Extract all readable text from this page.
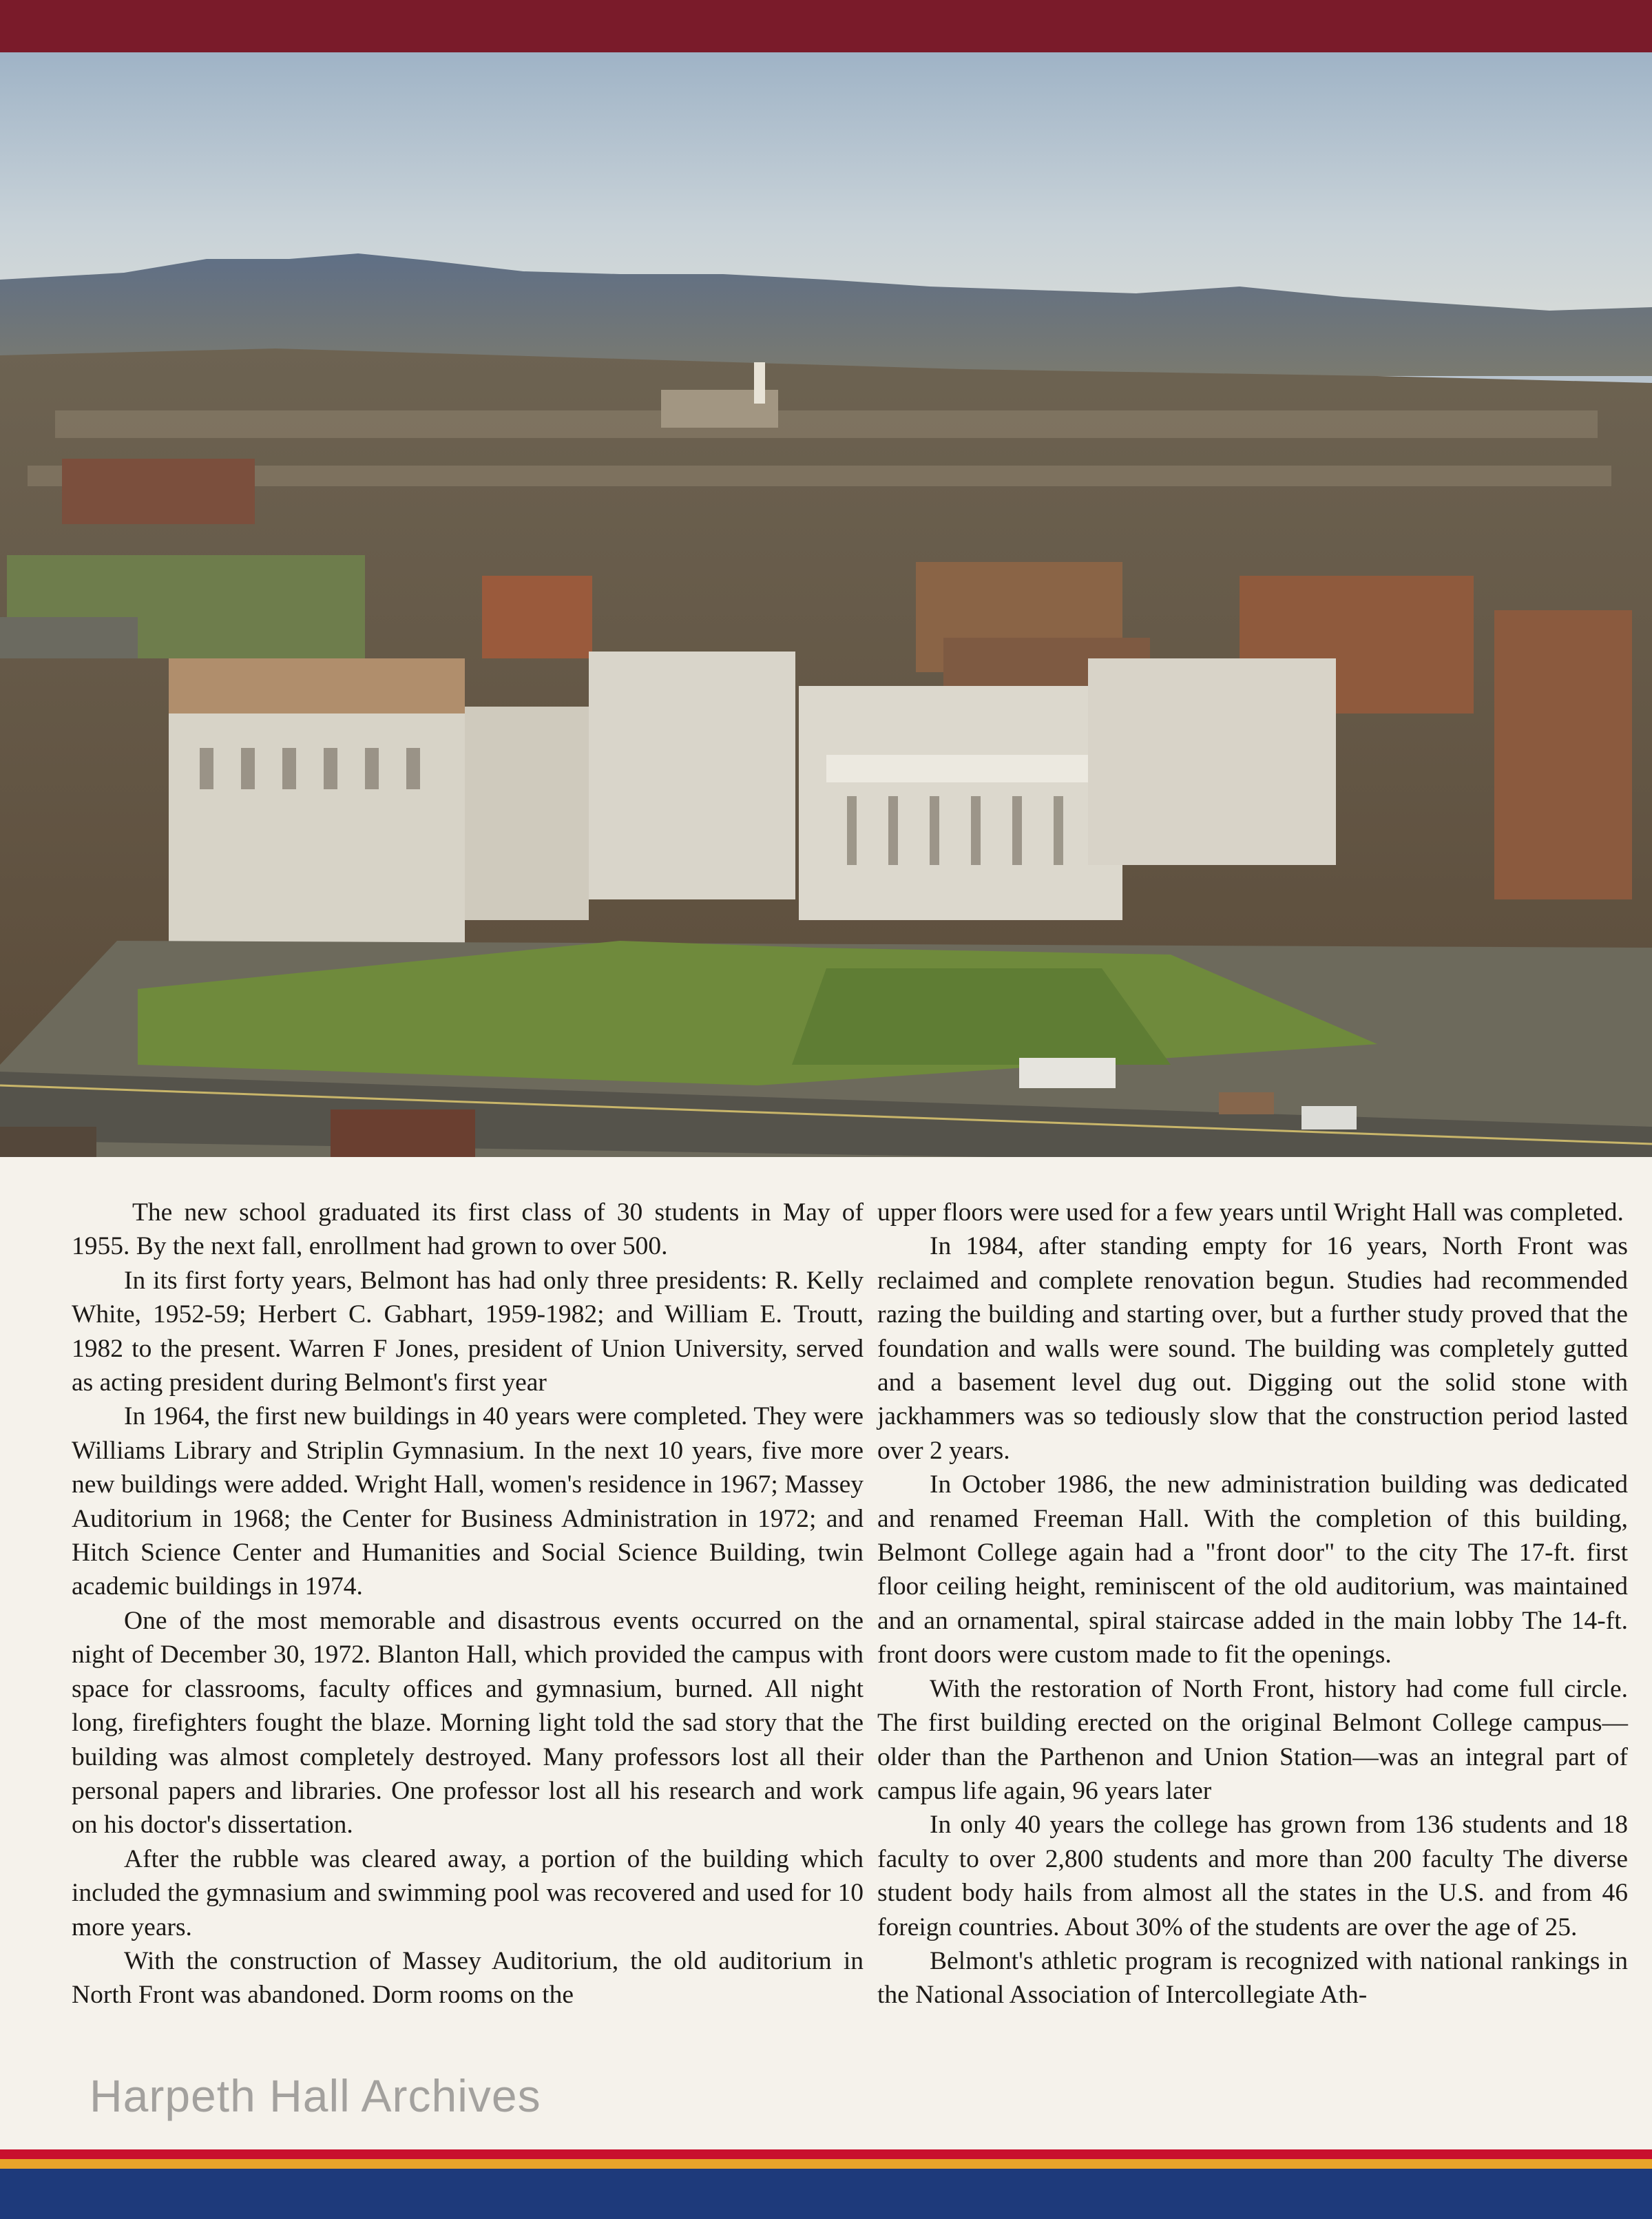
The new school graduated its first class of 30 students in May of 1955. By the next fall, enrollment had grown to over 500.

In its first forty years, Belmont has had only three presidents: R. Kelly White, 1952-59; Herbert C. Gabhart, 1959-1982; and William E. Troutt, 1982 to the present. Warren F Jones, president of Union University, served as acting president during Belmont's first year

In 1964, the first new buildings in 40 years were completed. They were Williams Library and Striplin Gymnasium. In the next 10 years, five more new buildings were added. Wright Hall, women's residence in 1967; Massey Auditorium in 1968; the Center for Business Administration in 1972; and Hitch Science Center and Humanities and Social Science Building, twin academic buildings in 1974.

One of the most memorable and disastrous events occurred on the night of December 30, 1972. Blanton Hall, which provided the campus with space for classrooms, faculty offices and gymnasium, burned. All night long, firefighters fought the blaze. Morning light told the sad story that the building was almost completely destroyed. Many professors lost all their personal papers and libraries. One professor lost all his research and work on his doctor's dissertation.

After the rubble was cleared away, a portion of the building which included the gymnasium and swimming pool was recovered and used for 10 more years.

With the construction of Massey Auditorium, the old auditorium in North Front was abandoned. Dorm rooms on the

upper floors were used for a few years until Wright Hall was completed.

In 1984, after standing empty for 16 years, North Front was reclaimed and complete renovation begun. Studies had recommended razing the building and starting over, but a further study proved that the foundation and walls were sound. The building was completely gutted and a basement level dug out. Digging out the solid stone with jackhammers was so tediously slow that the construction period lasted over 2 years.

In October 1986, the new administration building was dedicated and renamed Freeman Hall. With the completion of this building, Belmont College again had a "front door" to the city The 17-ft. first floor ceiling height, reminiscent of the old auditorium, was maintained and an ornamental, spiral staircase added in the main lobby The 14-ft. front doors were custom made to fit the openings.

With the restoration of North Front, history had come full circle. The first building erected on the original Belmont College campus—older than the Parthenon and Union Station—was an integral part of campus life again, 96 years later

In only 40 years the college has grown from 136 students and 18 faculty to over 2,800 students and more than 200 faculty The diverse student body hails from almost all the states in the U.S. and from 46 foreign countries. About 30% of the students are over the age of 25.

Belmont's athletic program is recognized with national rankings in the National Association of Intercollegiate Ath-

Harpeth Hall Archives
